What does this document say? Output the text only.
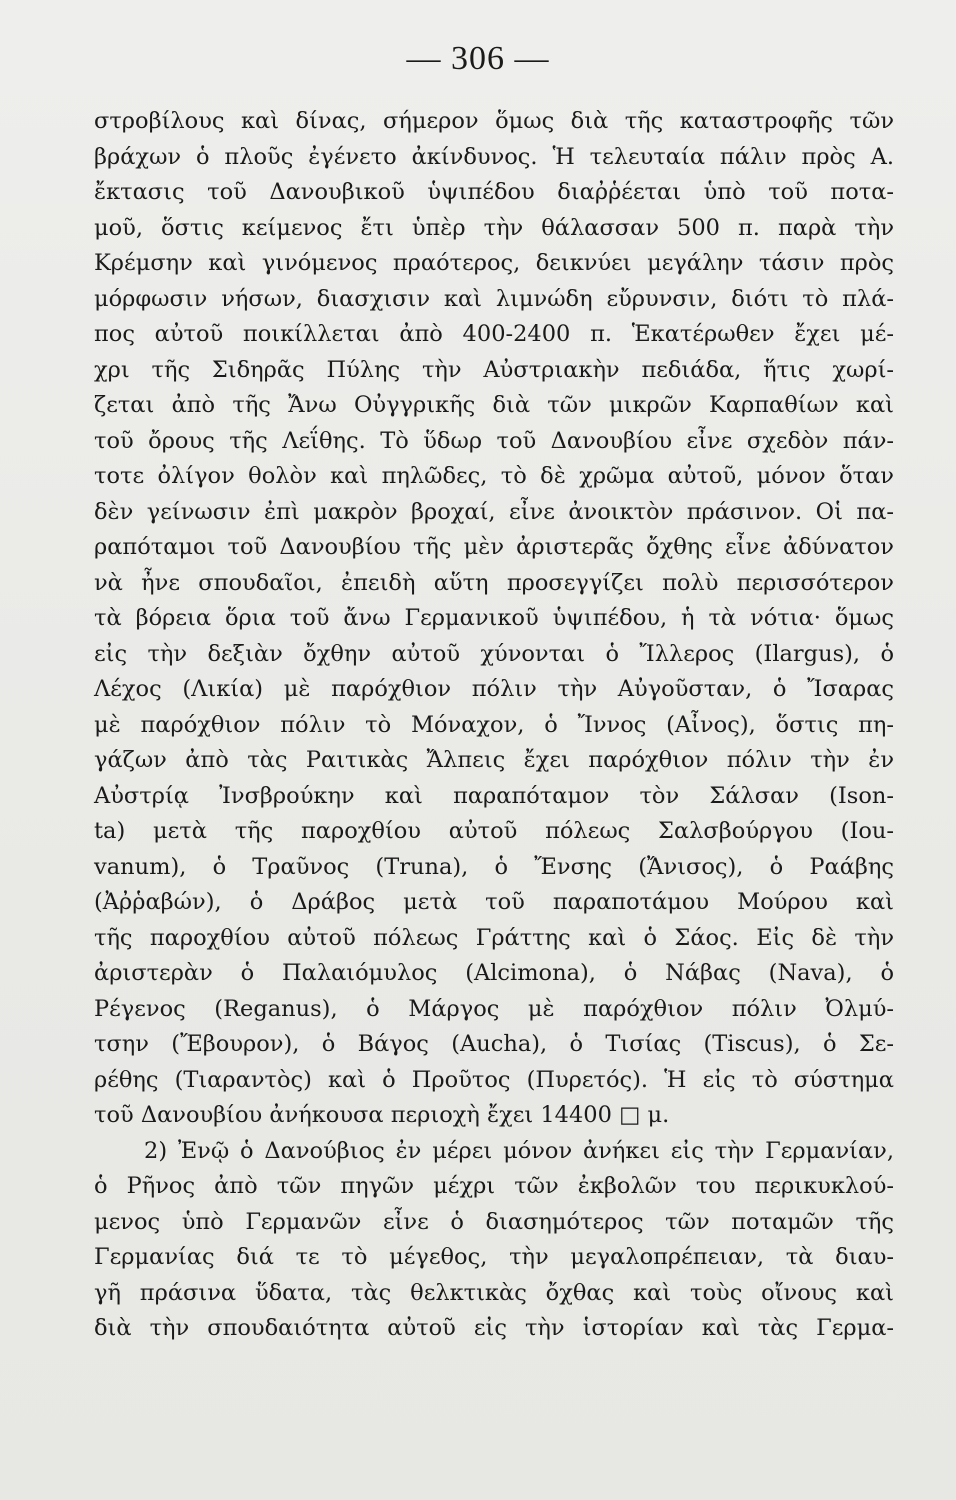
— 306 —
στροβίλους καὶ δίνας, σήμερον ὅμως διὰ τῆς καταστροφῆς τῶν
βράχων ὁ πλοῦς ἐγένετο ἀκίνδυνος. Ἡ τελευταία πάλιν πρὸς Α.
ἔκτασις τοῦ Δανουβικοῦ ὑψιπέδου διαῤῥέεται ὑπὸ τοῦ ποτα-
μοῦ, ὅστις κείμενος ἔτι ὑπὲρ τὴν θάλασσαν 500 π. παρὰ τὴν
Κρέμσην καὶ γινόμενος πραότερος, δεικνύει μεγάλην τάσιν πρὸς
μόρφωσιν νήσων, διασχισιν καὶ λιμνώδη εὔρυνσιν, διότι τὸ πλά-
πος αὐτοῦ ποικίλλεται ἀπὸ 400-2400 π. Ἑκατέρωθεν ἔχει μέ-
χρι τῆς Σιδηρᾶς Πύλης τὴν Αὐστριακὴν πεδιάδα, ἥτις χωρί-
ζεται ἀπὸ τῆς Ἄνω Οὐγγρικῆς διὰ τῶν μικρῶν Καρπαθίων καὶ
τοῦ ὄρους τῆς Λεΐθης. Τὸ ὕδωρ τοῦ Δανουβίου εἶνε σχεδὸν πάν-
τοτε ὀλίγον θολὸν καὶ πηλῶδες, τὸ δὲ χρῶμα αὐτοῦ, μόνον ὅταν
δὲν γείνωσιν ἐπὶ μακρὸν βροχαί, εἶνε ἀνοικτὸν πράσινον. Οἱ πα-
ραπόταμοι τοῦ Δανουβίου τῆς μὲν ἀριστερᾶς ὄχθης εἶνε ἀδύνατον
νὰ ἦνε σπουδαῖοι, ἐπειδὴ αὕτη προσεγγίζει πολὺ περισσότερον
τὰ βόρεια ὅρια τοῦ ἄνω Γερμανικοῦ ὑψιπέδου, ἡ τὰ νότια· ὅμως
εἰς τὴν δεξιὰν ὄχθην αὐτοῦ χύνονται ὁ Ἴλλερος (Ilargus), ὁ
Λέχος (Λικία) μὲ παρόχθιον πόλιν τὴν Αὐγοῦσταν, ὁ Ἴσαρας
μὲ παρόχθιον πόλιν τὸ Μόναχον, ὁ Ἴννος (Αἶνος), ὅστις πη-
γάζων ἀπὸ τὰς Ραιτικὰς Ἄλπεις ἔχει παρόχθιον πόλιν τὴν ἐν
Αὐστρίᾳ Ἰνσβρούκην καὶ παραπόταμον τὸν Σάλσαν (Ison-
ta) μετὰ τῆς παροχθίου αὐτοῦ πόλεως Σαλσβούργου (Iou-
vanum), ὁ Τραῦνος (Truna), ὁ Ἔνσης (Ἄνισος), ὁ Ραάβης
(Ἀῤῥαβών), ὁ Δράβος μετὰ τοῦ παραποτάμου Μούρου καὶ
τῆς παροχθίου αὐτοῦ πόλεως Γράττης καὶ ὁ Σάος. Εἰς δὲ τὴν
ἀριστερὰν ὁ Παλαιόμυλος (Alcimona), ὁ Νάβας (Nava), ὁ
Ρέγενος (Reganus), ὁ Μάργος μὲ παρόχθιον πόλιν Ὀλμύ-
τσην (Ἔβουρον), ὁ Βάγος (Aucha), ὁ Τισίας (Tiscus), ὁ Σε-
ρέθης (Τιαραντὸς) καὶ ὁ Προῦτος (Πυρετός). Ἡ εἰς τὸ σύστημα
τοῦ Δανουβίου ἀνήκουσα περιοχὴ ἔχει 14400 □ μ.
2) Ἐνῷ ὁ Δανούβιος ἐν μέρει μόνον ἀνήκει εἰς τὴν Γερμανίαν,
ὁ Ρῆνος ἀπὸ τῶν πηγῶν μέχρι τῶν ἐκβολῶν του περικυκλού-
μενος ὑπὸ Γερμανῶν εἶνε ὁ διασημότερος τῶν ποταμῶν τῆς
Γερμανίας διά τε τὸ μέγεθος, τὴν μεγαλοπρέπειαν, τὰ διαυ-
γῆ πράσινα ὕδατα, τὰς θελκτικὰς ὄχθας καὶ τοὺς οἴνους καὶ
διὰ τὴν σπουδαιότητα αὐτοῦ εἰς τὴν ἱστορίαν καὶ τὰς Γερμα-
